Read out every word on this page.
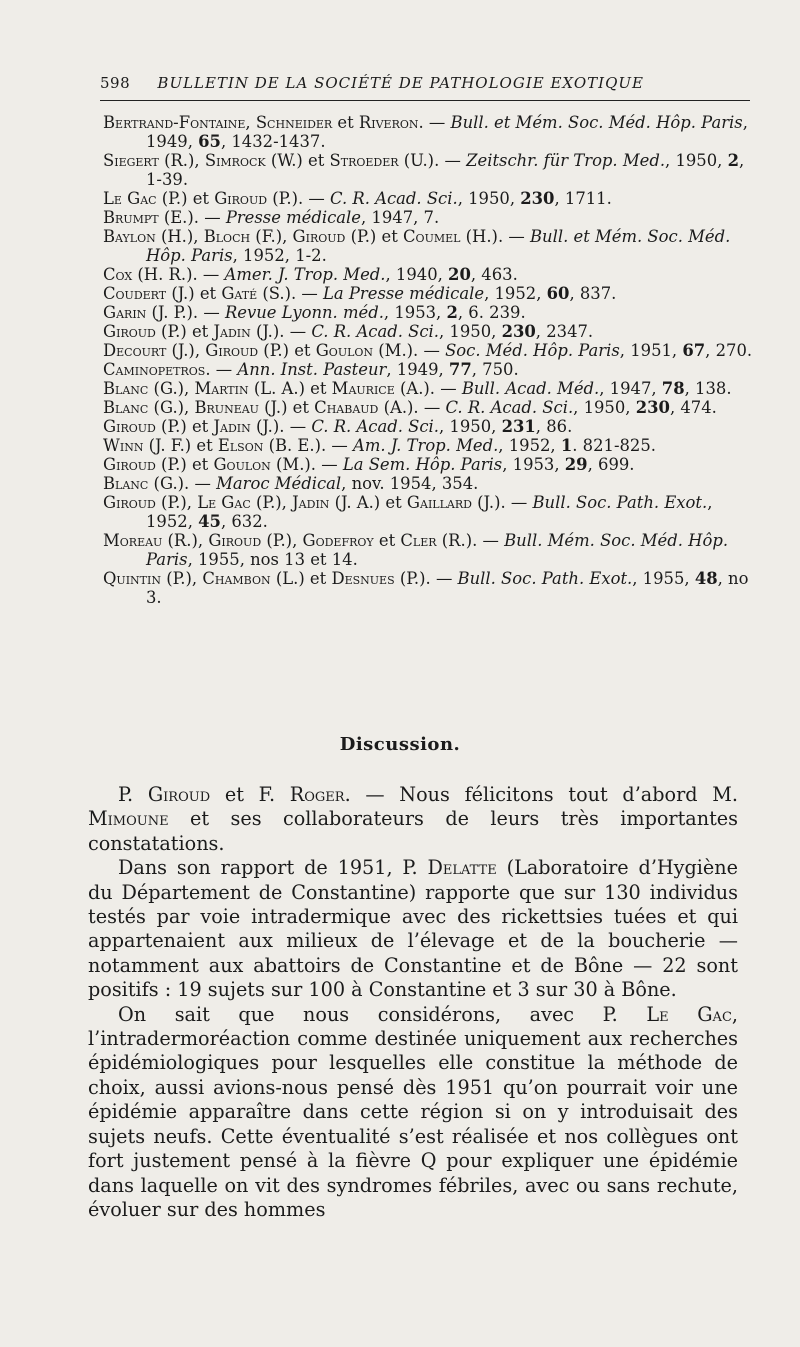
598 BULLETIN DE LA SOCIÉTÉ DE PATHOLOGIE EXOTIQUE

Bertrand-Fontaine, Schneider et Riveron. — Bull. et Mém. Soc. Méd. Hôp. Paris, 1949, 65, 1432-1437.

Siegert (R.), Simrock (W.) et Stroeder (U.). — Zeitschr. für Trop. Med., 1950, 2, 1-39.

Le Gac (P.) et Giroud (P.). — C. R. Acad. Sci., 1950, 230, 1711.

Brumpt (E.). — Presse médicale, 1947, 7.

Baylon (H.), Bloch (F.), Giroud (P.) et Coumel (H.). — Bull. et Mém. Soc. Méd. Hôp. Paris, 1952, 1-2.

Cox (H. R.). — Amer. J. Trop. Med., 1940, 20, 463.

Coudert (J.) et Gaté (S.). — La Presse médicale, 1952, 60, 837.

Garin (J. P.). — Revue Lyonn. méd., 1953, 2, 6. 239.

Giroud (P.) et Jadin (J.). — C. R. Acad. Sci., 1950, 230, 2347.

Decourt (J.), Giroud (P.) et Goulon (M.). — Soc. Méd. Hôp. Paris, 1951, 67, 270.

Caminopetros. — Ann. Inst. Pasteur, 1949, 77, 750.

Blanc (G.), Martin (L. A.) et Maurice (A.). — Bull. Acad. Méd., 1947, 78, 138.

Blanc (G.), Bruneau (J.) et Chabaud (A.). — C. R. Acad. Sci., 1950, 230, 474.

Giroud (P.) et Jadin (J.). — C. R. Acad. Sci., 1950, 231, 86.

Winn (J. F.) et Elson (B. E.). — Am. J. Trop. Med., 1952, 1. 821-825.

Giroud (P.) et Goulon (M.). — La Sem. Hôp. Paris, 1953, 29, 699.

Blanc (G.). — Maroc Médical, nov. 1954, 354.

Giroud (P.), Le Gac (P.), Jadin (J. A.) et Gaillard (J.). — Bull. Soc. Path. Exot., 1952, 45, 632.

Moreau (R.), Giroud (P.), Godefroy et Cler (R.). — Bull. Mém. Soc. Méd. Hôp. Paris, 1955, nos 13 et 14.

Quintin (P.), Chambon (L.) et Desnues (P.). — Bull. Soc. Path. Exot., 1955, 48, no 3.

Discussion.

P. Giroud et F. Roger. — Nous félicitons tout d’abord M. Mimoune et ses collaborateurs de leurs très importantes constatations.

Dans son rapport de 1951, P. Delatte (Laboratoire d’Hygiène du Département de Constantine) rapporte que sur 130 individus testés par voie intradermique avec des rickettsies tuées et qui appartenaient aux milieux de l’élevage et de la boucherie — notamment aux abattoirs de Constantine et de Bône — 22 sont positifs : 19 sujets sur 100 à Constantine et 3 sur 30 à Bône.

On sait que nous considérons, avec P. Le Gac, l’intradermoréaction comme destinée uniquement aux recherches épidémiologiques pour lesquelles elle constitue la méthode de choix, aussi avions-nous pensé dès 1951 qu’on pourrait voir une épidémie apparaître dans cette région si on y introduisait des sujets neufs. Cette éventualité s’est réalisée et nos collègues ont fort justement pensé à la fièvre Q pour expliquer une épidémie dans laquelle on vit des syndromes fébriles, avec ou sans rechute, évoluer sur des hommes
